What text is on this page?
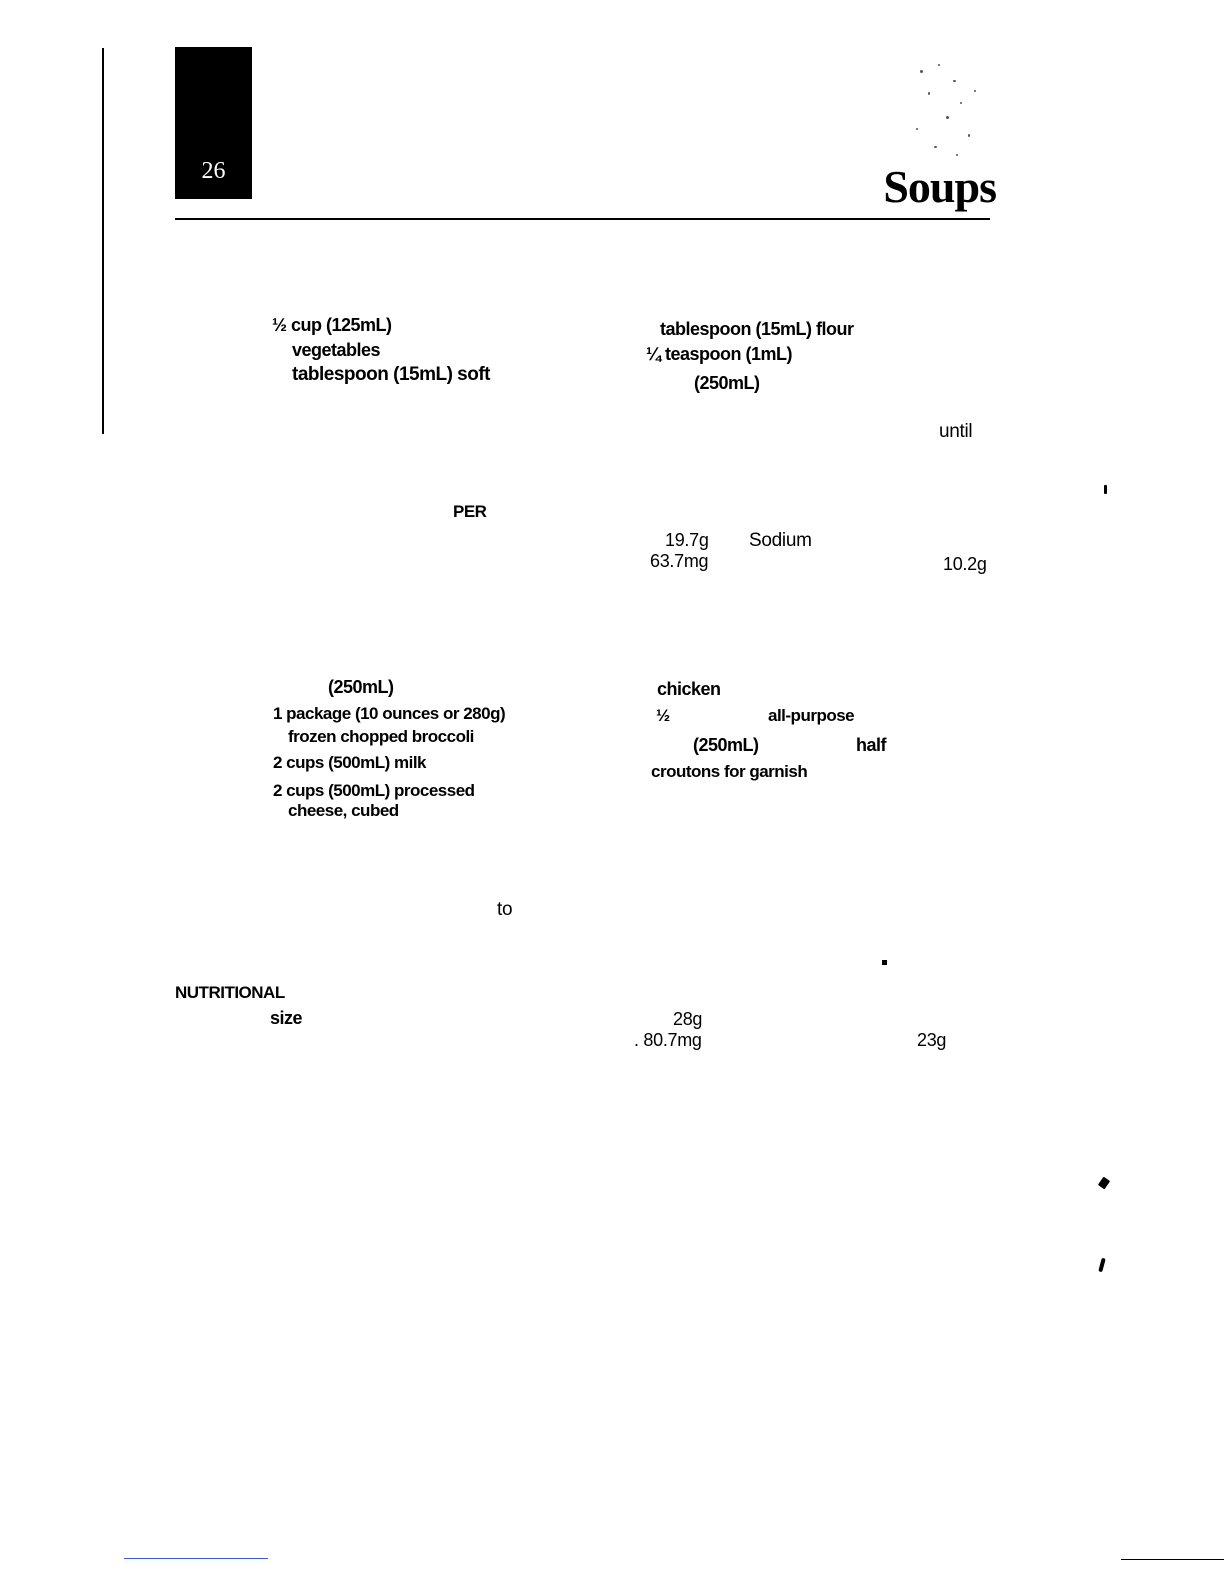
26	Soups
½ cup (125mL)
vegetables
tablespoon (15mL) soft
tablespoon (15mL) flour
¼ teaspoon (1mL)
(250mL)
until
PER
19.7g Sodium
63.7mg	10.2g
(250mL)
1 package (10 ounces or 280g)
frozen chopped broccoli
2 cups (500mL) milk
2 cups (500mL) processed
cheese, cubed
chicken
½	all-purpose
(250mL)	half
croutons for garnish
to
NUTRITIONAL
size	28g
. 80.7mg	23g
